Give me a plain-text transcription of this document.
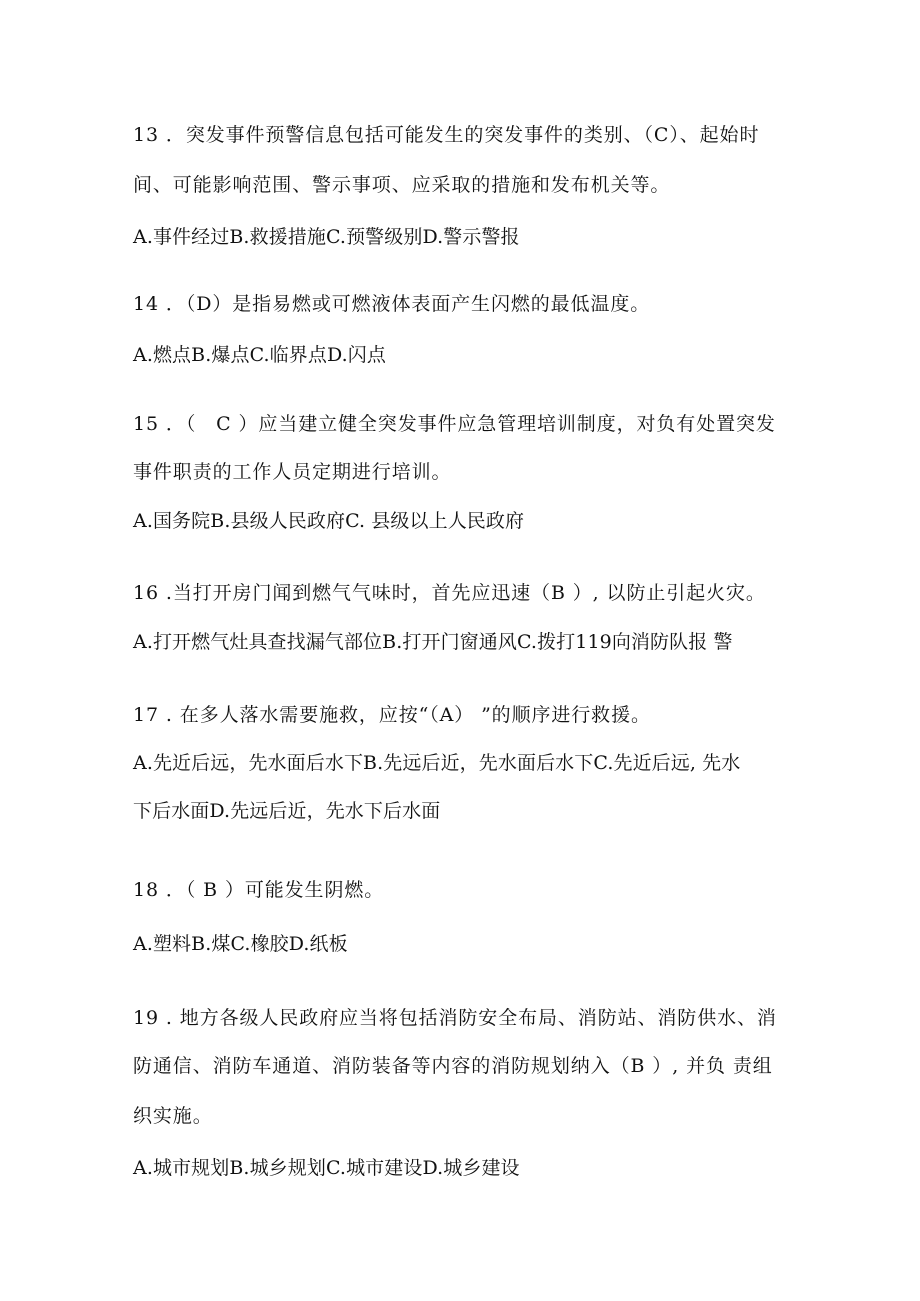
13 ．突发事件预警信息包括可能发生的突发事件的类别、（C）、起始时
间、可能影响范围、警示事项、应采取的措施和发布机关等。
A.事件经过B.救援措施C.预警级别D.警示警报
14 ．（D）是指易燃或可燃液体表面产生闪燃的最低温度。
A.燃点B.爆点C.临界点D.闪点
15 ．（　C ）应当建立健全突发事件应急管理培训制度，对负有处置突发
事件职责的工作人员定期进行培训。
A.国务院B.县级人民政府C. 县级以上人民政府
16 .当打开房门闻到燃气气味时，首先应迅速（B ）, 以防止引起火灾。
A.打开燃气灶具查找漏气部位B.打开门窗通风C.拨打119向消防队报 警
17 . 在多人落水需要施救，应按“（A） ”的顺序进行救援。
A.先近后远，先水面后水下B.先远后近，先水面后水下C.先近后远, 先水
下后水面D.先远后近，先水下后水面
18 ．（ B ）可能发生阴燃。
A.塑料B.煤C.橡胶D.纸板
19 . 地方各级人民政府应当将包括消防安全布局、消防站、消防供水、消
防通信、消防车通道、消防装备等内容的消防规划纳入（B ）, 并负 责组
织实施。
A.城市规划B.城乡规划C.城市建设D.城乡建设
